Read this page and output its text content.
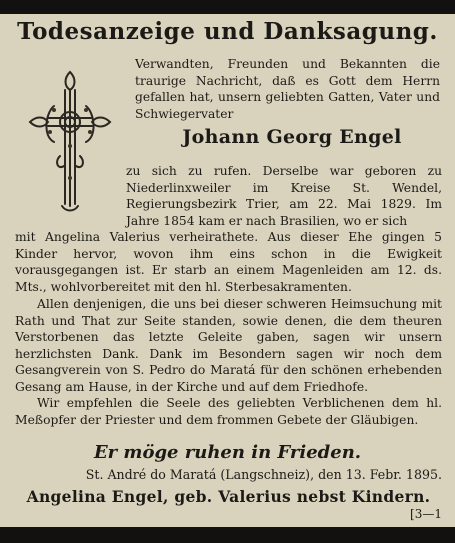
Todesanzeige und Danksagung.

Verwandten, Freunden und Bekannten die traurige Nachricht, daß es Gott dem Herrn gefallen hat, unsern geliebten Gatten, Vater und Schwiegervater

Johann Georg Engel

zu sich zu rufen. Derselbe war geboren zu Niederlinxweiler im Kreise St. Wendel, Regierungsbezirk Trier, am 22. Mai 1829. Im Jahre 1854 kam er nach Brasilien, wo er sich

mit Angelina Valerius verheirathete. Aus dieser Ehe gingen 5 Kinder hervor, wovon ihm eins schon in die Ewigkeit vorausgegangen ist. Er starb an einem Magenleiden am 12. ds. Mts., wohlvorbereitet mit den hl. Sterbesakramenten.

Allen denjenigen, die uns bei dieser schweren Heimsuchung mit Rath und That zur Seite standen, sowie denen, die dem theuren Verstorbenen das letzte Geleite gaben, sagen wir unsern herzlichsten Dank. Dank im Besondern sagen wir noch dem Gesangverein von S. Pedro do Maratá für den schönen erhebenden Gesang am Hause, in der Kirche und auf dem Friedhofe.

Wir empfehlen die Seele des geliebten Verblichenen dem hl. Meßopfer der Priester und dem frommen Gebete der Gläubigen.

Er möge ruhen in Frieden.
St. André do Maratá (Langschneiz), den 13. Febr. 1895.
Angelina Engel, geb. Valerius nebst Kindern.
[3—1
